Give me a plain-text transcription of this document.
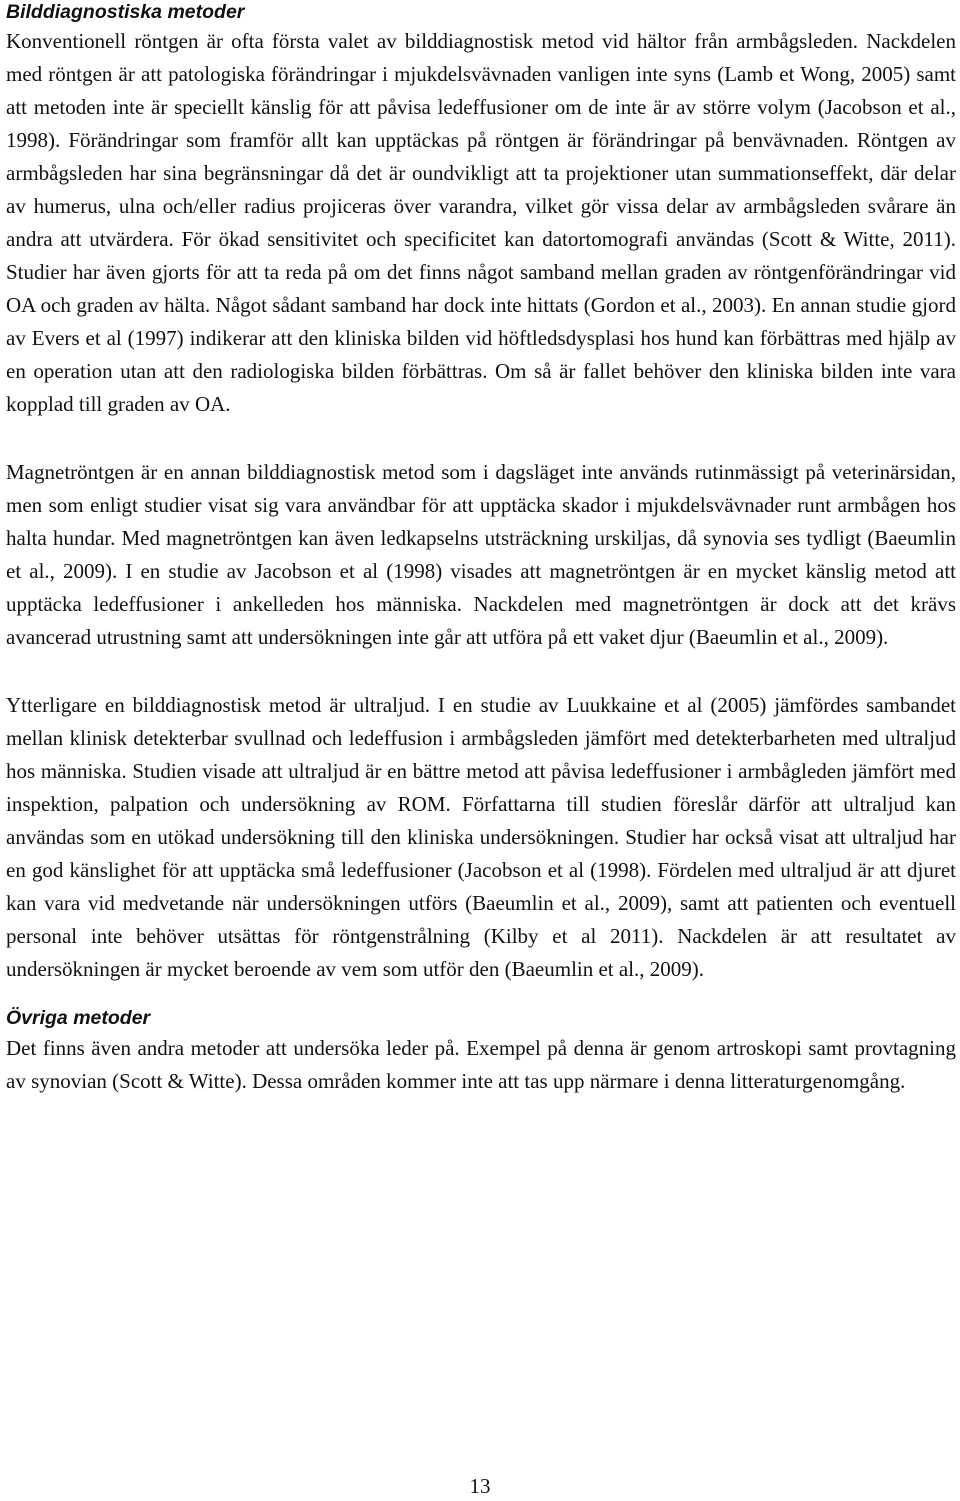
Bilddiagnostiska metoder

Konventionell röntgen är ofta första valet av bilddiagnostisk metod vid hältor från armbågsleden. Nackdelen med röntgen är att patologiska förändringar i mjukdelsvävnaden vanligen inte syns (Lamb et Wong, 2005) samt att metoden inte är speciellt känslig för att påvisa ledeffusioner om de inte är av större volym (Jacobson et al., 1998). Förändringar som framför allt kan upptäckas på röntgen är förändringar på benvävnaden. Röntgen av armbågsleden har sina begränsningar då det är oundvikligt att ta projektioner utan summationseffekt, där delar av humerus, ulna och/eller radius projiceras över varandra, vilket gör vissa delar av armbågsleden svårare än andra att utvärdera. För ökad sensitivitet och specificitet kan datortomografi användas (Scott & Witte, 2011). Studier har även gjorts för att ta reda på om det finns något samband mellan graden av röntgenförändringar vid OA och graden av hälta. Något sådant samband har dock inte hittats (Gordon et al., 2003). En annan studie gjord av Evers et al (1997) indikerar att den kliniska bilden vid höftledsdysplasi hos hund kan förbättras med hjälp av en operation utan att den radiologiska bilden förbättras. Om så är fallet behöver den kliniska bilden inte vara kopplad till graden av OA.

Magnetröntgen är en annan bilddiagnostisk metod som i dagsläget inte används rutinmässigt på veterinärsidan, men som enligt studier visat sig vara användbar för att upptäcka skador i mjukdelsvävnader runt armbågen hos halta hundar. Med magnetröntgen kan även ledkapselns utsträckning urskiljas, då synovia ses tydligt (Baeumlin et al., 2009). I en studie av Jacobson et al (1998) visades att magnetröntgen är en mycket känslig metod att upptäcka ledeffusioner i ankelleden hos människa. Nackdelen med magnetröntgen är dock att det krävs avancerad utrustning samt att undersökningen inte går att utföra på ett vaket djur (Baeumlin et al., 2009).

Ytterligare en bilddiagnostisk metod är ultraljud. I en studie av Luukkaine et al (2005) jämfördes sambandet mellan klinisk detekterbar svullnad och ledeffusion i armbågsleden jämfört med detekterbarheten med ultraljud hos människa. Studien visade att ultraljud är en bättre metod att påvisa ledeffusioner i armbågleden jämfört med inspektion, palpation och undersökning av ROM. Författarna till studien föreslår därför att ultraljud kan användas som en utökad undersökning till den kliniska undersökningen. Studier har också visat att ultraljud har en god känslighet för att upptäcka små ledeffusioner (Jacobson et al (1998). Fördelen med ultraljud är att djuret kan vara vid medvetande när undersökningen utförs (Baeumlin et al., 2009), samt att patienten och eventuell personal inte behöver utsättas för röntgenstrålning (Kilby et al 2011). Nackdelen är att resultatet av undersökningen är mycket beroende av vem som utför den (Baeumlin et al., 2009).

Övriga metoder

Det finns även andra metoder att undersöka leder på. Exempel på denna är genom artroskopi samt provtagning av synovian (Scott & Witte). Dessa områden kommer inte att tas upp närmare i denna litteraturgenomgång.

13
